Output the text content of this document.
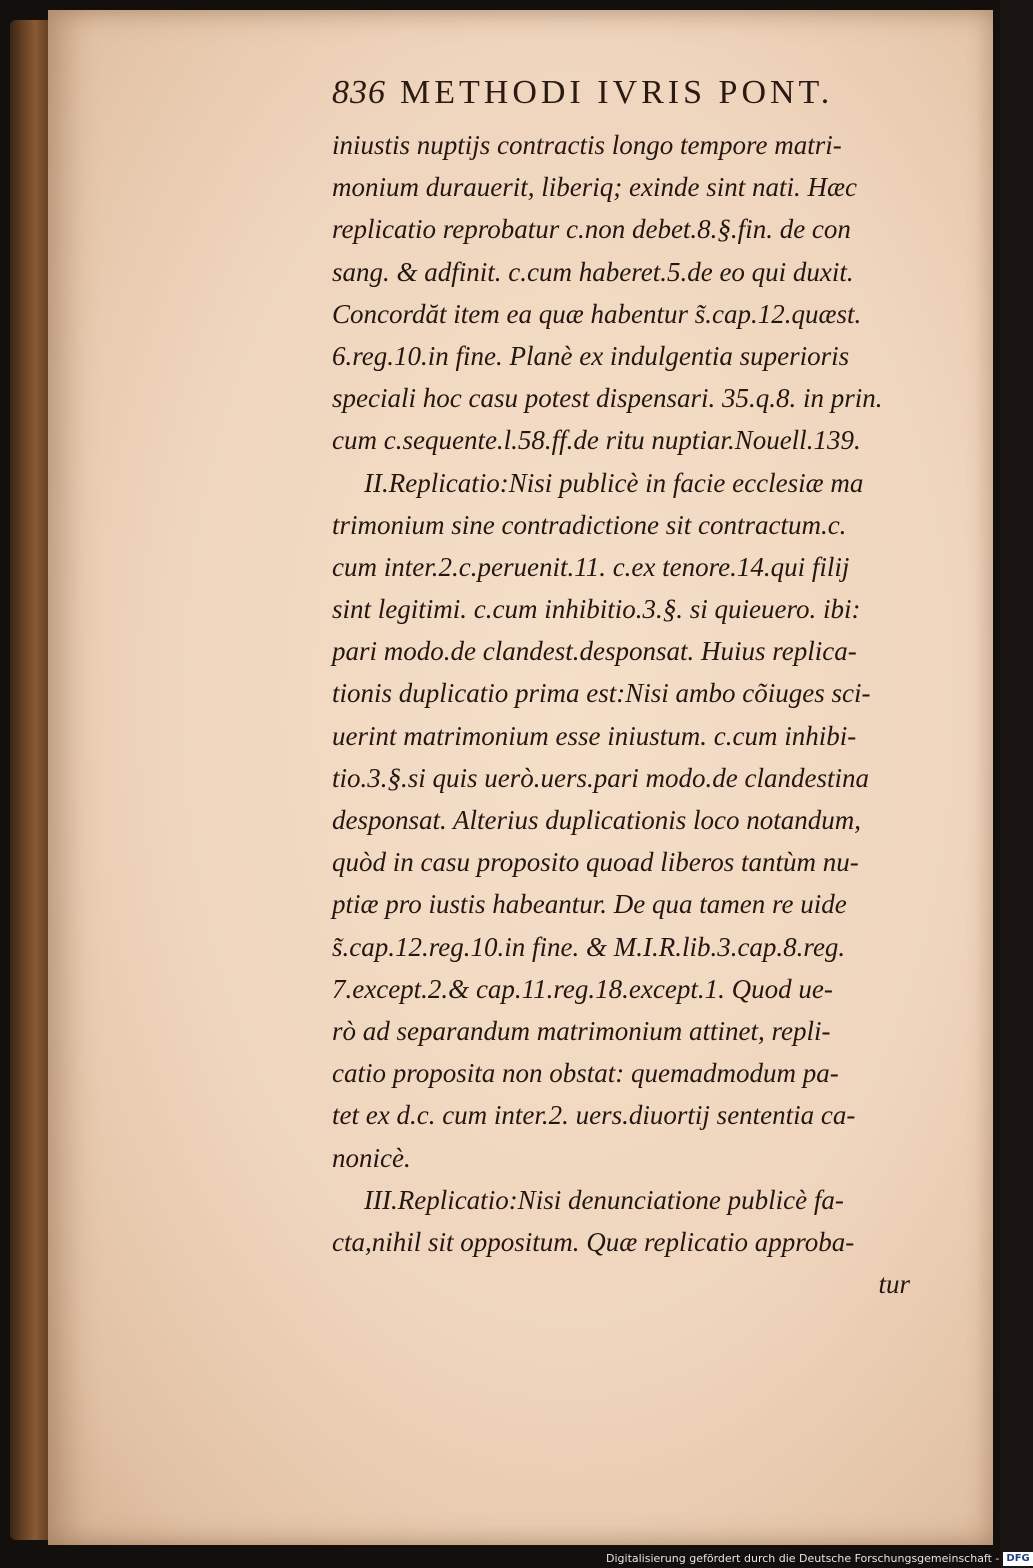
836 METHODI IVRIS PONT.
iniustis nuptijs contractis longo tempore matri-
monium durauerit, liberiq; exinde sint nati. Hæc
replicatio reprobatur c.non debet.8.§.fin. de con
sang. & adfinit. c.cum haberet.5.de eo qui duxit.
Concordăt item ea quæ habentur s̃.cap.12.quæst.
6.reg.10.in fine. Planè ex indulgentia superioris
speciali hoc casu potest dispensari. 35.q.8. in prin.
cum c.sequente.l.58.ff.de ritu nuptiar.Nouell.139.
II.Replicatio:Nisi publicè in facie ecclesiæ ma
trimonium sine contradictione sit contractum.c.
cum inter.2.c.peruenit.11. c.ex tenore.14.qui filij
sint legitimi. c.cum inhibitio.3.§. si quieuero. ibi:
pari modo.de clandest.desponsat. Huius replica-
tionis duplicatio prima est:Nisi ambo cõiuges sci-
uerint matrimonium esse iniustum. c.cum inhibi-
tio.3.§.si quis uerò.uers.pari modo.de clandestina
desponsat. Alterius duplicationis loco notandum,
quòd in casu proposito quoad liberos tantùm nu-
ptiæ pro iustis habeantur. De qua tamen re uide
s̃.cap.12.reg.10.in fine. & M.I.R.lib.3.cap.8.reg.
7.except.2.& cap.11.reg.18.except.1. Quod ue-
rò ad separandum matrimonium attinet, repli-
catio proposita non obstat: quemadmodum pa-
tet ex d.c. cum inter.2. uers.diuortij sententia ca-
nonicè.
III.Replicatio:Nisi denunciatione publicè fa-
cta,nihil sit oppositum. Quæ replicatio approba-
tur
Digitalisierung gefördert durch die Deutsche Forschungsgemeinschaft - DFG
